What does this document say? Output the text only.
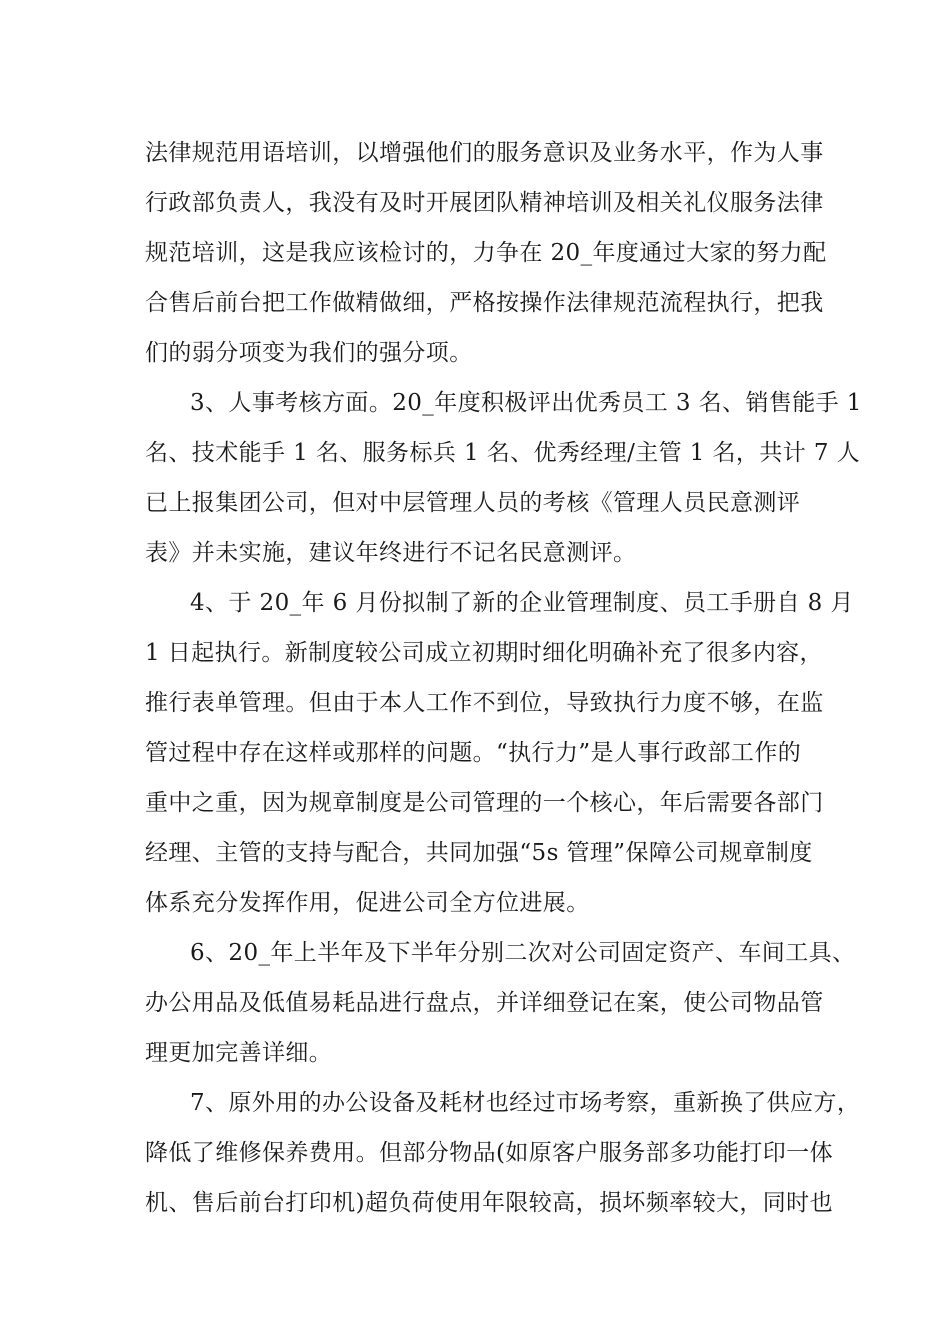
法律规范用语培训，以增强他们的服务意识及业务水平，作为人事
行政部负责人，我没有及时开展团队精神培训及相关礼仪服务法律
规范培训，这是我应该检讨的，力争在 20_年度通过大家的努力配
合售后前台把工作做精做细，严格按操作法律规范流程执行，把我
们的弱分项变为我们的强分项。
3、人事考核方面。20_年度积极评出优秀员工 3 名、销售能手 1
名、技术能手 1 名、服务标兵 1 名、优秀经理/主管 1 名，共计 7 人
已上报集团公司，但对中层管理人员的考核《管理人员民意测评
表》并未实施，建议年终进行不记名民意测评。
4、于 20_年 6 月份拟制了新的企业管理制度、员工手册自 8 月
1 日起执行。新制度较公司成立初期时细化明确补充了很多内容，
推行表单管理。但由于本人工作不到位，导致执行力度不够，在监
管过程中存在这样或那样的问题。“执行力”是人事行政部工作的
重中之重，因为规章制度是公司管理的一个核心，年后需要各部门
经理、主管的支持与配合，共同加强“5s 管理”保障公司规章制度
体系充分发挥作用，促进公司全方位进展。
6、20_年上半年及下半年分别二次对公司固定资产、车间工具、
办公用品及低值易耗品进行盘点，并详细登记在案，使公司物品管
理更加完善详细。
7、原外用的办公设备及耗材也经过市场考察，重新换了供应方，
降低了维修保养费用。但部分物品(如原客户服务部多功能打印一体
机、售后前台打印机)超负荷使用年限较高，损坏频率较大，同时也
